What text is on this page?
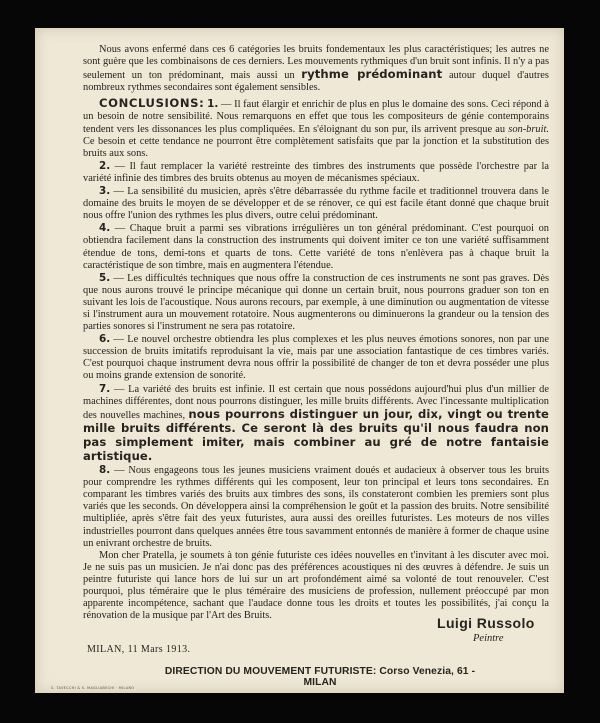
Nous avons enfermé dans ces 6 catégories les bruits fondementaux les plus caractéristiques; les autres ne sont guère que les combinaisons de ces derniers. Les mouvements rythmiques d'un bruit sont infinis. Il n'y a pas seulement un ton prédominant, mais aussi un rythme prédominant autour duquel d'autres nombreux rythmes secondaires sont également sensibles.

CONCLUSIONS: 1. — Il faut élargir et enrichir de plus en plus le domaine des sons. Ceci répond à un besoin de notre sensibilité. Nous remarquons en effet que tous les compositeurs de génie contemporains tendent vers les dissonances les plus compliquées. En s'éloignant du son pur, ils arrivent presque au son-bruit. Ce besoin et cette tendance ne pourront être complètement satisfaits que par la jonction et la substitution des bruits aux sons.

2. — Il faut remplacer la variété restreinte des timbres des instruments que possède l'orchestre par la variété infinie des timbres des bruits obtenus au moyen de mécanismes spéciaux.

3. — La sensibilité du musicien, après s'être débarrassée du rythme facile et traditionnel trouvera dans le domaine des bruits le moyen de se développer et de se rénover, ce qui est facile étant donné que chaque bruit nous offre l'union des rythmes les plus divers, outre celui prédominant.

4. — Chaque bruit a parmi ses vibrations irrégulières un ton général prédominant. C'est pourquoi on obtiendra facilement dans la construction des instruments qui doivent imiter ce ton une variété suffisamment étendue de tons, demi-tons et quarts de tons. Cette variété de tons n'enlèvera pas à chaque bruit la caractéristique de son timbre, mais en augmentera l'étendue.

5. — Les difficultés techniques que nous offre la construction de ces instruments ne sont pas graves. Dès que nous aurons trouvé le principe mécanique qui donne un certain bruit, nous pourrons graduer son ton en suivant les lois de l'acoustique. Nous aurons recours, par exemple, à une diminution ou augmentation de vitesse si l'instrument aura un mouvement rotatoire. Nous augmenterons ou diminuerons la grandeur ou la tension des parties sonores si l'instrument ne sera pas rotatoire.

6. — Le nouvel orchestre obtiendra les plus complexes et les plus neuves émotions sonores, non par une succession de bruits imitatifs reproduisant la vie, mais par une association fantastique de ces timbres variés. C'est pourquoi chaque instrument devra nous offrir la possibilité de changer de ton et devra posséder une plus ou moins grande extension de sonorité.

7. — La variété des bruits est infinie. Il est certain que nous possédons aujourd'hui plus d'un millier de machines différentes, dont nous pourrons distinguer, les mille bruits différents. Avec l'incessante multiplication des nouvelles machines, nous pourrons distinguer un jour, dix, vingt ou trente mille bruits différents. Ce seront là des bruits qu'il nous faudra non pas simplement imiter, mais combiner au gré de notre fantaisie artistique.

8. — Nous engageons tous les jeunes musiciens vraiment doués et audacieux à observer tous les bruits pour comprendre les rythmes différents qui les composent, leur ton principal et leurs tons secondaires. En comparant les timbres variés des bruits aux timbres des sons, ils constateront combien les premiers sont plus variés que les seconds. On développera ainsi la compréhension le goût et la passion des bruits. Notre sensibilité multipliée, après s'être fait des yeux futuristes, aura aussi des oreilles futuristes. Les moteurs de nos villes industrielles pourront dans quelques années être tous savamment entonnés de manière à former de chaque usine un enivrant orchestre de bruits.

Mon cher Pratella, je soumets à ton génie futuriste ces idées nouvelles en t'invitant à les discuter avec moi. Je ne suis pas un musicien. Je n'ai donc pas des préférences acoustiques ni des œuvres à défendre. Je suis un peintre futuriste qui lance hors de lui sur un art profondément aimé sa volonté de tout renouveler. C'est pourquoi, plus téméraire que le plus téméraire des musiciens de profession, nullement préoccupé par mon apparente incompétence, sachant que l'audace donne tous les droits et toutes les possibilités, j'ai conçu la rénovation de la musique par l'Art des Bruits.	Luigi Russolo
Peintre
MILAN, 11 Mars 1913.
DIRECTION DU MOUVEMENT FUTURISTE: Corso Venezia, 61 - MILAN
S. TAVECCHI & S. MAGLIABECHI · MILANO
